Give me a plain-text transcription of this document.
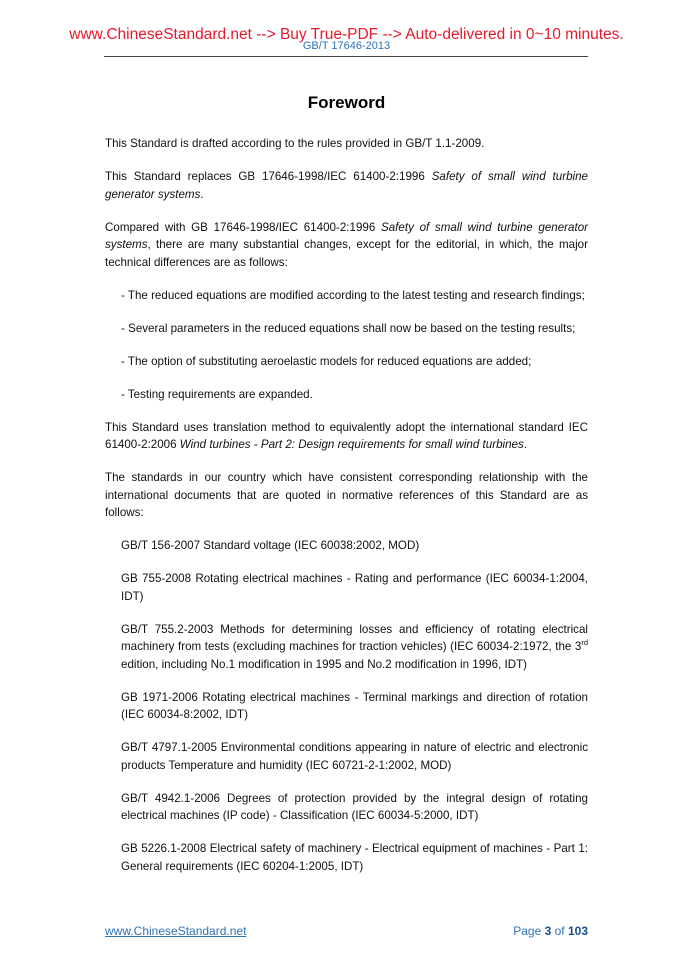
www.ChineseStandard.net --> Buy True-PDF --> Auto-delivered in 0~10 minutes.
GB/T 17646-2013
Foreword

This Standard is drafted according to the rules provided in GB/T 1.1-2009.

This Standard replaces GB 17646-1998/IEC 61400-2:1996 Safety of small wind turbine generator systems.

Compared with GB 17646-1998/IEC 61400-2:1996 Safety of small wind turbine generator systems, there are many substantial changes, except for the editorial, in which, the major technical differences are as follows:

- The reduced equations are modified according to the latest testing and research findings;

- Several parameters in the reduced equations shall now be based on the testing results;

- The option of substituting aeroelastic models for reduced equations are added;

- Testing requirements are expanded.

This Standard uses translation method to equivalently adopt the international standard IEC 61400-2:2006 Wind turbines - Part 2: Design requirements for small wind turbines.

The standards in our country which have consistent corresponding relationship with the international documents that are quoted in normative references of this Standard are as follows:

GB/T 156-2007 Standard voltage (IEC 60038:2002, MOD)

GB 755-2008 Rotating electrical machines - Rating and performance (IEC 60034-1:2004, IDT)

GB/T 755.2-2003 Methods for determining losses and efficiency of rotating electrical machinery from tests (excluding machines for traction vehicles) (IEC 60034-2:1972, the 3rd edition, including No.1 modification in 1995 and No.2 modification in 1996, IDT)

GB 1971-2006 Rotating electrical machines - Terminal markings and direction of rotation (IEC 60034-8:2002, IDT)

GB/T 4797.1-2005 Environmental conditions appearing in nature of electric and electronic products Temperature and humidity (IEC 60721-2-1:2002, MOD)

GB/T 4942.1-2006 Degrees of protection provided by the integral design of rotating electrical machines (IP code) - Classification (IEC 60034-5:2000, IDT)

GB 5226.1-2008 Electrical safety of machinery - Electrical equipment of machines - Part 1: General requirements (IEC 60204-1:2005, IDT)

www.ChineseStandard.net	Page 3 of 103
